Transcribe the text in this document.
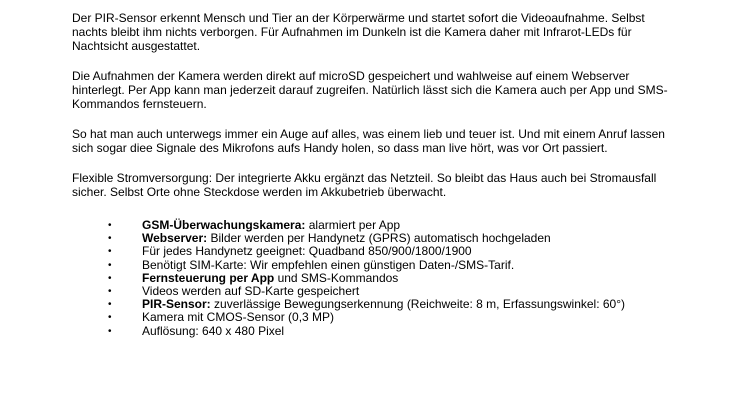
Der PIR-Sensor erkennt Mensch und Tier an der Körperwärme und startet sofort die Videoaufnahme. Selbst nachts bleibt ihm nichts verborgen. Für Aufnahmen im Dunkeln ist die Kamera daher mit Infrarot-LEDs für Nachtsicht ausgestattet.

Die Aufnahmen der Kamera werden direkt auf microSD gespeichert und wahlweise auf einem Webserver hinterlegt. Per App kann man jederzeit darauf zugreifen. Natürlich lässt sich die Kamera auch per App und SMS-Kommandos fernsteuern.

So hat man auch unterwegs immer ein Auge auf alles, was einem lieb und teuer ist. Und mit einem Anruf lassen sich sogar diee Signale des Mikrofons aufs Handy holen, so dass man live hört, was vor Ort passiert.

Flexible Stromversorgung: Der integrierte Akku ergänzt das Netzteil. So bleibt das Haus auch bei Stromausfall sicher. Selbst Orte ohne Steckdose werden im Akkubetrieb überwacht.

•	GSM-Überwachungskamera: alarmiert per App
•	Webserver: Bilder werden per Handynetz (GPRS) automatisch hochgeladen
•	Für jedes Handynetz geeignet: Quadband 850/900/1800/1900
•	Benötigt SIM-Karte: Wir empfehlen einen günstigen Daten-/SMS-Tarif.
•	Fernsteuerung per App und SMS-Kommandos
•	Videos werden auf SD-Karte gespeichert
•	PIR-Sensor: zuverlässige Bewegungserkennung (Reichweite: 8 m, Erfassungswinkel: 60°)
•	Kamera mit CMOS-Sensor (0,3 MP)
•	Auflösung: 640 x 480 Pixel
